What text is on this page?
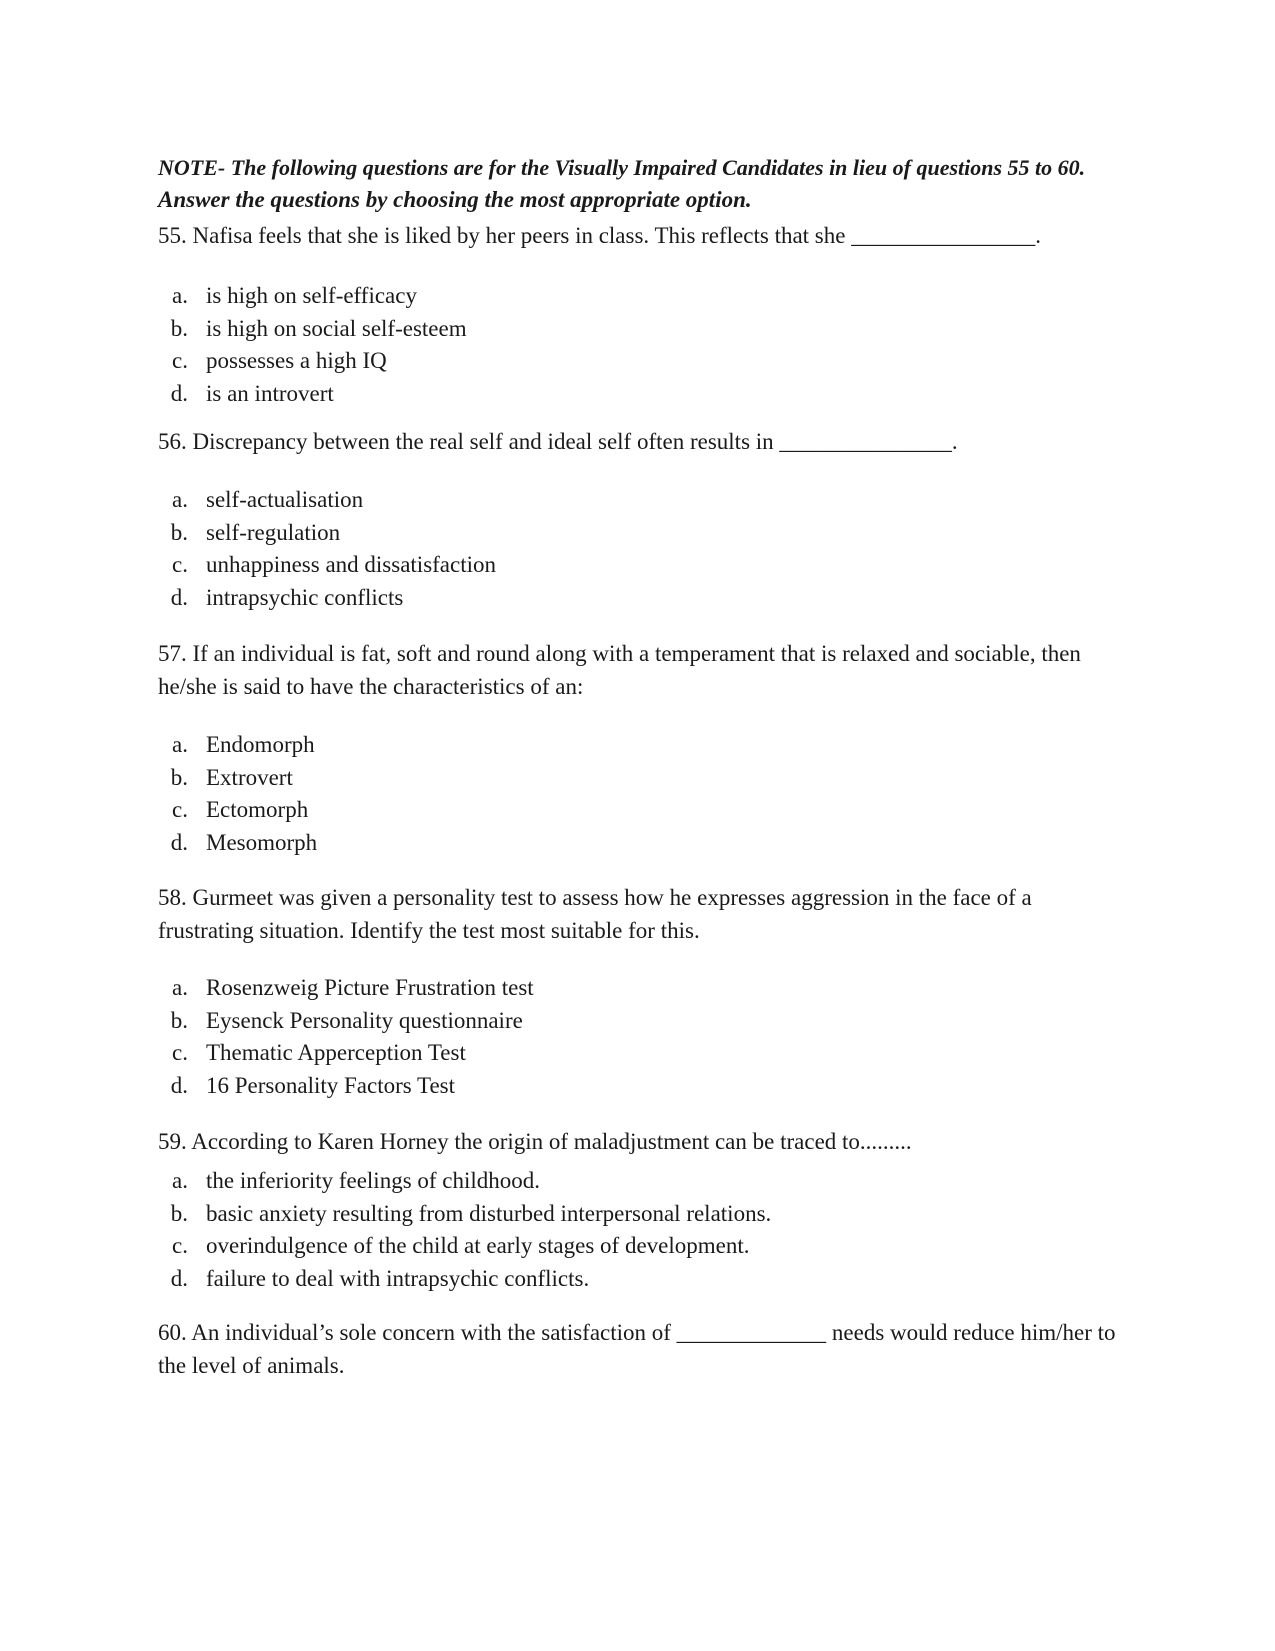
NOTE- The following questions are for the Visually Impaired Candidates in lieu of questions 55 to 60.
Answer the questions by choosing the most appropriate option.

55. Nafisa feels that she is liked by her peers in class. This reflects that she ________________.

a. is high on self-efficacy
b. is high on social self-esteem
c. possesses a high IQ
d. is an introvert

56. Discrepancy between the real self and ideal self often results in _______________.

a. self-actualisation
b. self-regulation
c. unhappiness and dissatisfaction
d. intrapsychic conflicts

57. If an individual is fat, soft and round along with a temperament that is relaxed and sociable, then he/she is said to have the characteristics of an:

a. Endomorph
b. Extrovert
c. Ectomorph
d. Mesomorph

58. Gurmeet was given a personality test to assess how he expresses aggression in the face of a frustrating situation. Identify the test most suitable for this.

a. Rosenzweig Picture Frustration test
b. Eysenck Personality questionnaire
c. Thematic Apperception Test
d. 16 Personality Factors Test

59. According to Karen Horney the origin of maladjustment can be traced to.........

a. the inferiority feelings of childhood.
b. basic anxiety resulting from disturbed interpersonal relations.
c. overindulgence of the child at early stages of development.
d. failure to deal with intrapsychic conflicts.

60. An individual’s sole concern with the satisfaction of _____________ needs would reduce him/her to the level of animals.
